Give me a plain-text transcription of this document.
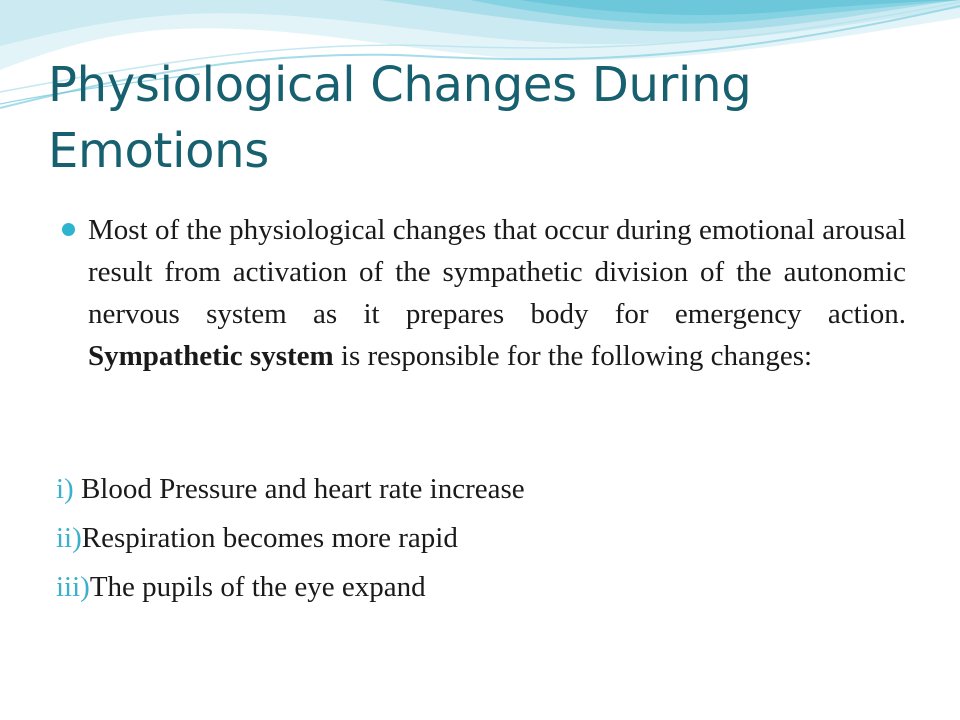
Physiological Changes During Emotions
Most of the physiological changes that occur during emotional arousal result from activation of the sympathetic division of the autonomic nervous system as it prepares body for emergency action. Sympathetic system is responsible for the following changes:
i) Blood Pressure and heart rate increase
ii)Respiration becomes more rapid
iii)The pupils of the eye expand
